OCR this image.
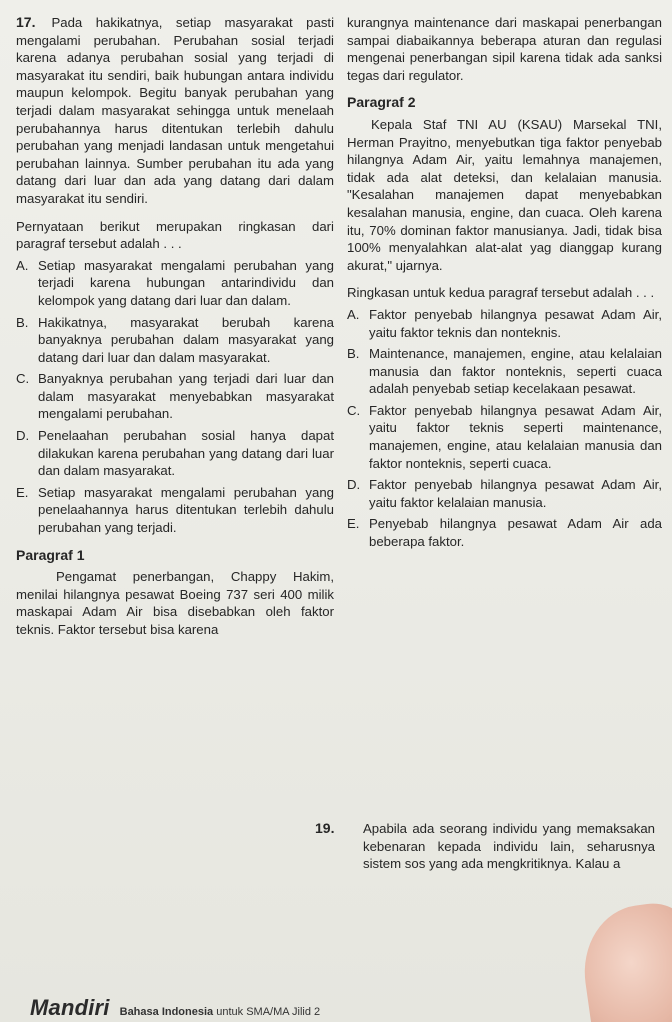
17. Pada hakikatnya, setiap masyarakat pasti mengalami perubahan. Perubahan sosial terjadi karena adanya perubahan sosial yang terjadi di masyarakat itu sendiri, baik hubungan antara individu maupun kelompok. Begitu banyak perubahan yang terjadi dalam masyarakat sehingga untuk menelaah perubahannya harus ditentukan terlebih dahulu perubahan yang menjadi landasan untuk mengetahui perubahan lainnya. Sumber perubahan itu ada yang datang dari luar dan ada yang datang dari dalam masyarakat itu sendiri.

Pernyataan berikut merupakan ringkasan dari paragraf tersebut adalah . . .

A. Setiap masyarakat mengalami perubahan yang terjadi karena hubungan antarindividu dan kelompok yang datang dari luar dan dalam.
B. Hakikatnya, masyarakat berubah karena banyaknya perubahan dalam masyarakat yang datang dari luar dan dalam masyarakat.
C. Banyaknya perubahan yang terjadi dari luar dan dalam masyarakat menyebabkan masyarakat mengalami perubahan.
D. Penelaahan perubahan sosial hanya dapat dilakukan karena perubahan yang datang dari luar dan dalam masyarakat.
E. Setiap masyarakat mengalami perubahan yang penelaahannya harus ditentukan terlebih dahulu perubahan yang terjadi.
Paragraf 1

Pengamat penerbangan, Chappy Hakim, menilai hilangnya pesawat Boeing 737 seri 400 milik maskapai Adam Air bisa disebabkan oleh faktor teknis. Faktor tersebut bisa karena

kurangnya maintenance dari maskapai penerbangan sampai diabaikannya beberapa aturan dan regulasi mengenai penerbangan sipil karena tidak ada sanksi tegas dari regulator.

Paragraf 2

Kepala Staf TNI AU (KSAU) Marsekal TNI, Herman Prayitno, menyebutkan tiga faktor penyebab hilangnya Adam Air, yaitu lemahnya manajemen, tidak ada alat deteksi, dan kelalaian manusia. "Kesalahan manajemen dapat menyebabkan kesalahan manusia, engine, dan cuaca. Oleh karena itu, 70% dominan faktor manusianya. Jadi, tidak bisa 100% menyalahkan alat-alat yag dianggap kurang akurat," ujarnya.

Ringkasan untuk kedua paragraf tersebut adalah . . .

A. Faktor penyebab hilangnya pesawat Adam Air, yaitu faktor teknis dan nonteknis.
B. Maintenance, manajemen, engine, atau kelalaian manusia dan faktor nonteknis, seperti cuaca adalah penyebab setiap kecelakaan pesawat.
C. Faktor penyebab hilangnya pesawat Adam Air, yaitu faktor teknis seperti maintenance, manajemen, engine, atau kelalaian manusia dan faktor nonteknis, seperti cuaca.
D. Faktor penyebab hilangnya pesawat Adam Air, yaitu faktor kelalaian manusia.
E. Penyebab hilangnya pesawat Adam Air ada beberapa faktor.
19.	Apabila ada seorang individu yang memaksakan kebenaran kepada individu lain, seharusnya sistem sos yang ada mengkritiknya. Kalau a
Mandiri Bahasa Indonesia untuk SMA/MA Jilid 2
